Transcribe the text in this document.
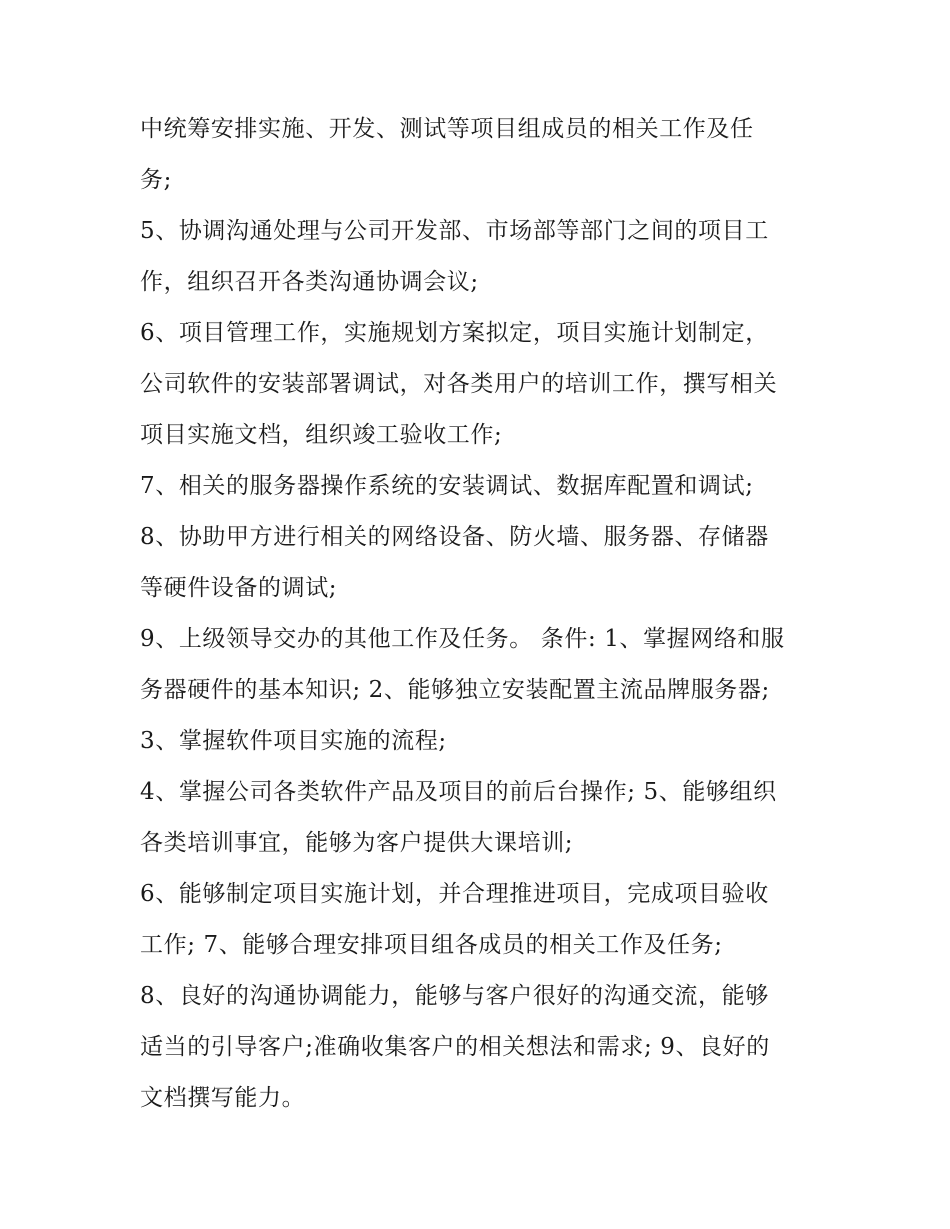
中统筹安排实施、开发、测试等项目组成员的相关工作及任
务;
5、协调沟通处理与公司开发部、市场部等部门之间的项目工
作，组织召开各类沟通协调会议;
6、项目管理工作，实施规划方案拟定，项目实施计划制定，
公司软件的安装部署调试，对各类用户的培训工作，撰写相关
项目实施文档，组织竣工验收工作;
7、相关的服务器操作系统的安装调试、数据库配置和调试;
8、协助甲方进行相关的网络设备、防火墙、服务器、存储器
等硬件设备的调试;
9、上级领导交办的其他工作及任务。 条件: 1、掌握网络和服
务器硬件的基本知识; 2、能够独立安装配置主流品牌服务器;
3、掌握软件项目实施的流程;
4、掌握公司各类软件产品及项目的前后台操作; 5、能够组织
各类培训事宜，能够为客户提供大课培训;
6、能够制定项目实施计划，并合理推进项目，完成项目验收
工作; 7、能够合理安排项目组各成员的相关工作及任务;
8、良好的沟通协调能力，能够与客户很好的沟通交流，能够
适当的引导客户;准确收集客户的相关想法和需求; 9、良好的
文档撰写能力。
